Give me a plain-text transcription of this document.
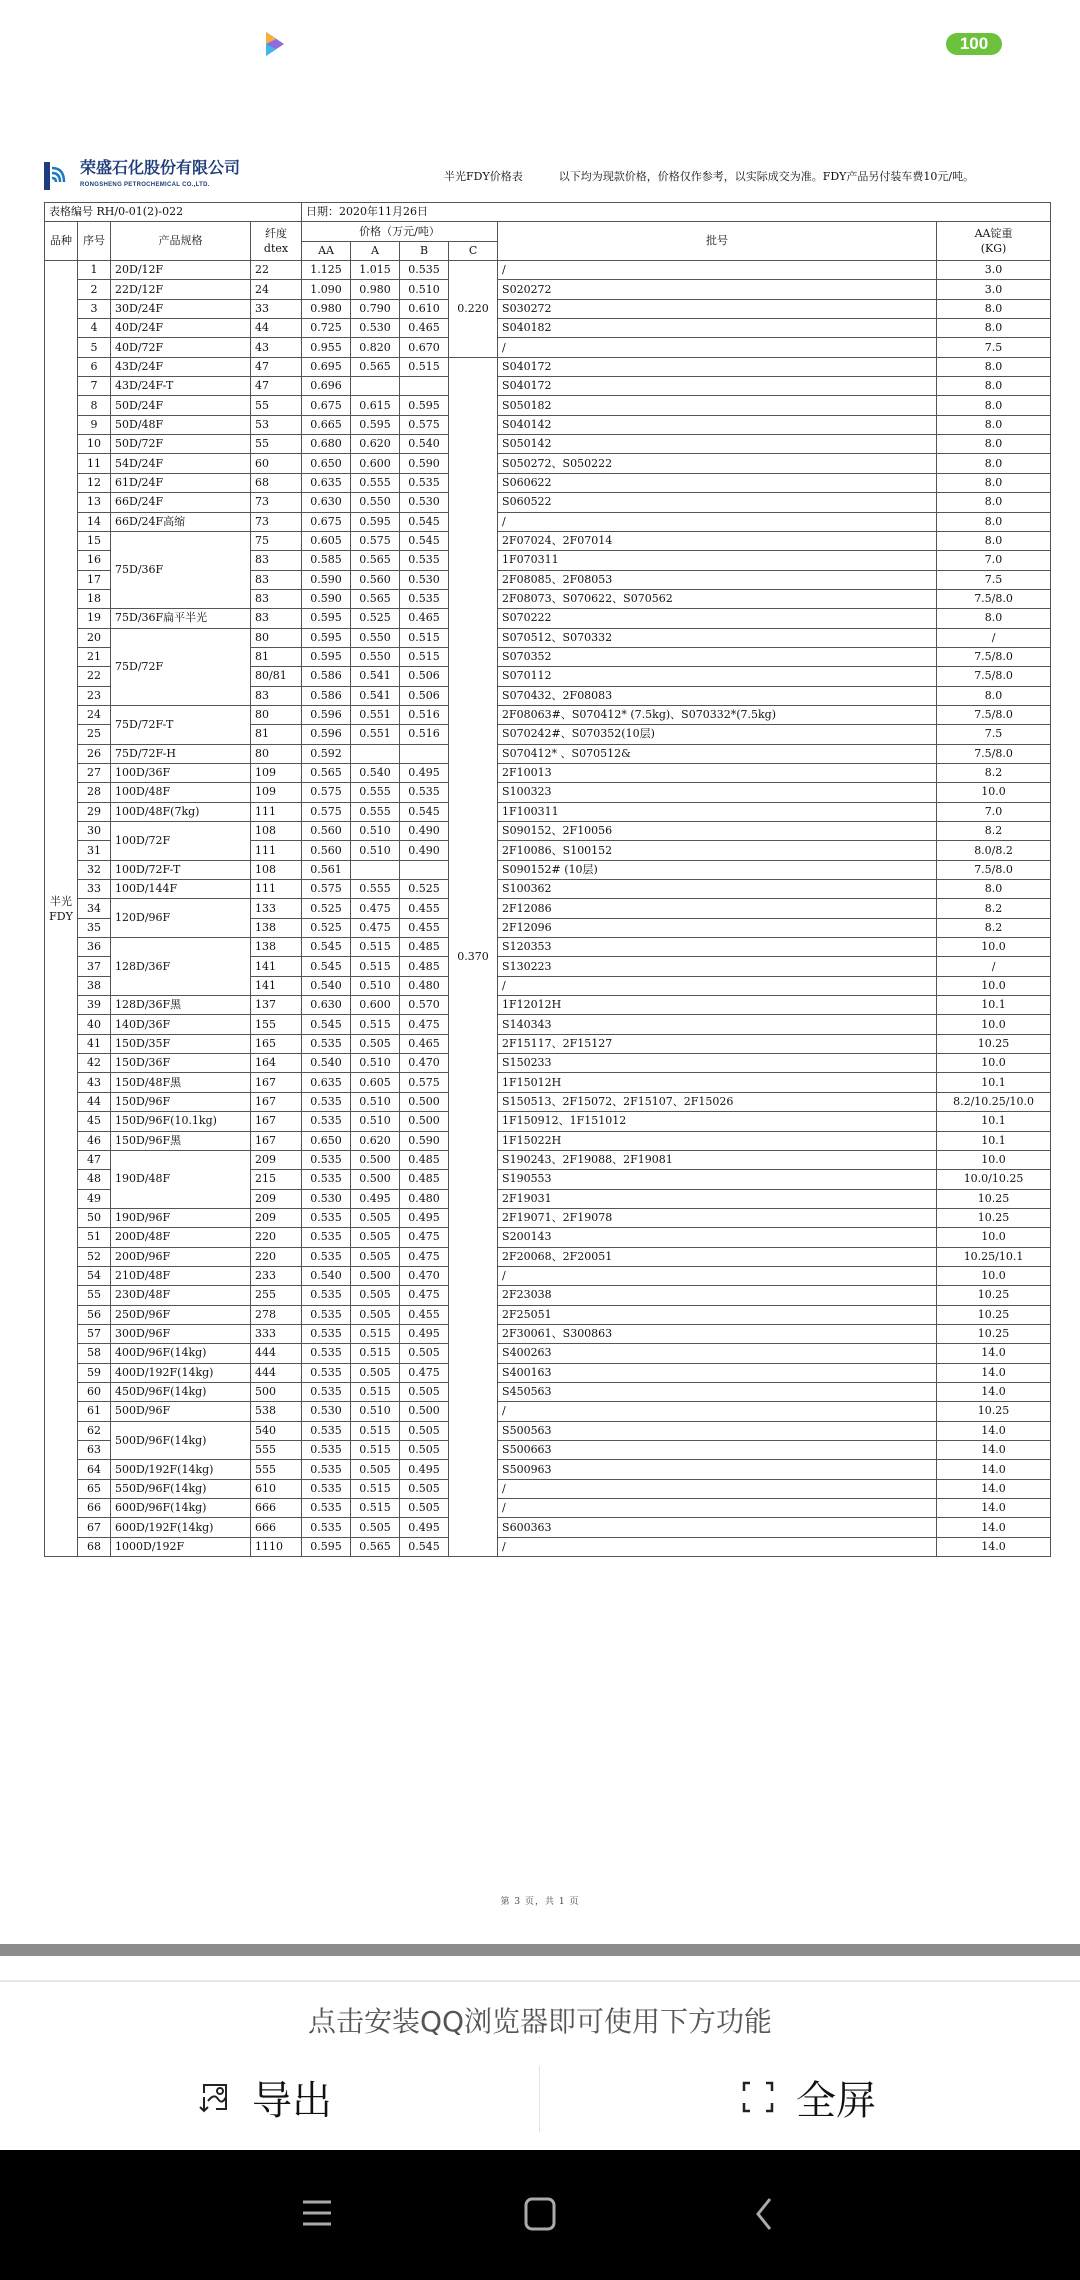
100
荣盛石化股份有限公司
RONGSHENG PETROCHEMICAL CO.,LTD.
半光FDY价格表	以下均为现款价格，价格仅作参考，以实际成交为准。FDY产品另付装车费10元/吨。
表格编号 RH/0-01(2)-022				日期：2020年11月26日					
品种	序号	产品规格	纤度
dtex	价格（万元/吨）				批号	AA锭重
(KG)
				AA	A	B	C		
半光
FDY	1	20D/12F	22	1.125	1.015	0.535	0.220	/	3.0
	2	22D/12F	24	1.090	0.980	0.510		S020272	3.0
	3	30D/24F	33	0.980	0.790	0.610		S030272	8.0
	4	40D/24F	44	0.725	0.530	0.465		S040182	8.0
	5	40D/72F	43	0.955	0.820	0.670		/	7.5
	6	43D/24F	47	0.695	0.565	0.515	0.370	S040172	8.0
	7	43D/24F-T	47	0.696				S040172	8.0
	8	50D/24F	55	0.675	0.615	0.595		S050182	8.0
	9	50D/48F	53	0.665	0.595	0.575		S040142	8.0
	10	50D/72F	55	0.680	0.620	0.540		S050142	8.0
	11	54D/24F	60	0.650	0.600	0.590		S050272、S050222	8.0
	12	61D/24F	68	0.635	0.555	0.535		S060622	8.0
	13	66D/24F	73	0.630	0.550	0.530		S060522	8.0
	14	66D/24F高缩	73	0.675	0.595	0.545		/	8.0
	15	75D/36F	75	0.605	0.575	0.545		2F07024、2F07014	8.0
	16		83	0.585	0.565	0.535		1F070311	7.0
	17		83	0.590	0.560	0.530		2F08085、2F08053	7.5
	18		83	0.590	0.565	0.535		2F08073、S070622、S070562	7.5/8.0
	19	75D/36F扁平半光	83	0.595	0.525	0.465		S070222	8.0
	20	75D/72F	80	0.595	0.550	0.515		S070512、S070332	/
	21		81	0.595	0.550	0.515		S070352	7.5/8.0
	22		80/81	0.586	0.541	0.506		S070112	7.5/8.0
	23		83	0.586	0.541	0.506		S070432、2F08083	8.0
	24	75D/72F-T	80	0.596	0.551	0.516		2F08063#、S070412* (7.5kg)、S070332*(7.5kg)	7.5/8.0
	25		81	0.596	0.551	0.516		S070242#、S070352(10层)	7.5
	26	75D/72F-H	80	0.592				S070412* 、S070512&	7.5/8.0
	27	100D/36F	109	0.565	0.540	0.495		2F10013	8.2
	28	100D/48F	109	0.575	0.555	0.535		S100323	10.0
	29	100D/48F(7kg)	111	0.575	0.555	0.545		1F100311	7.0
	30	100D/72F	108	0.560	0.510	0.490		S090152、2F10056	8.2
	31		111	0.560	0.510	0.490		2F10086、S100152	8.0/8.2
	32	100D/72F-T	108	0.561				S090152# (10层)	7.5/8.0
	33	100D/144F	111	0.575	0.555	0.525		S100362	8.0
	34	120D/96F	133	0.525	0.475	0.455		2F12086	8.2
	35		138	0.525	0.475	0.455		2F12096	8.2
	36	128D/36F	138	0.545	0.515	0.485		S120353	10.0
	37		141	0.545	0.515	0.485		S130223	/
	38		141	0.540	0.510	0.480		/	10.0
	39	128D/36F黑	137	0.630	0.600	0.570		1F12012H	10.1
	40	140D/36F	155	0.545	0.515	0.475		S140343	10.0
	41	150D/35F	165	0.535	0.505	0.465		2F15117、2F15127	10.25
	42	150D/36F	164	0.540	0.510	0.470		S150233	10.0
	43	150D/48F黑	167	0.635	0.605	0.575		1F15012H	10.1
	44	150D/96F	167	0.535	0.510	0.500		S150513、2F15072、2F15107、2F15026	8.2/10.25/10.0
	45	150D/96F(10.1kg)	167	0.535	0.510	0.500		1F150912、1F151012	10.1
	46	150D/96F黑	167	0.650	0.620	0.590		1F15022H	10.1
	47	190D/48F	209	0.535	0.500	0.485		S190243、2F19088、2F19081	10.0
	48		215	0.535	0.500	0.485		S190553	10.0/10.25
	49		209	0.530	0.495	0.480		2F19031	10.25
	50	190D/96F	209	0.535	0.505	0.495		2F19071、2F19078	10.25
	51	200D/48F	220	0.535	0.505	0.475		S200143	10.0
	52	200D/96F	220	0.535	0.505	0.475		2F20068、2F20051	10.25/10.1
	54	210D/48F	233	0.540	0.500	0.470		/	10.0
	55	230D/48F	255	0.535	0.505	0.475		2F23038	10.25
	56	250D/96F	278	0.535	0.505	0.455		2F25051	10.25
	57	300D/96F	333	0.535	0.515	0.495		2F30061、S300863	10.25
	58	400D/96F(14kg)	444	0.535	0.515	0.505		S400263	14.0
	59	400D/192F(14kg)	444	0.535	0.505	0.475		S400163	14.0
	60	450D/96F(14kg)	500	0.535	0.515	0.505		S450563	14.0
	61	500D/96F	538	0.530	0.510	0.500		/	10.25
	62	500D/96F(14kg)	540	0.535	0.515	0.505		S500563	14.0
	63		555	0.535	0.515	0.505		S500663	14.0
	64	500D/192F(14kg)	555	0.535	0.505	0.495		S500963	14.0
	65	550D/96F(14kg)	610	0.535	0.515	0.505		/	14.0
	66	600D/96F(14kg)	666	0.535	0.515	0.505		/	14.0
	67	600D/192F(14kg)	666	0.535	0.505	0.495		S600363	14.0
	68	1000D/192F	1110	0.595	0.565	0.545		/	14.0
第 3 页，共 1 页
点击安装QQ浏览器即可使用下方功能
导出	全屏
